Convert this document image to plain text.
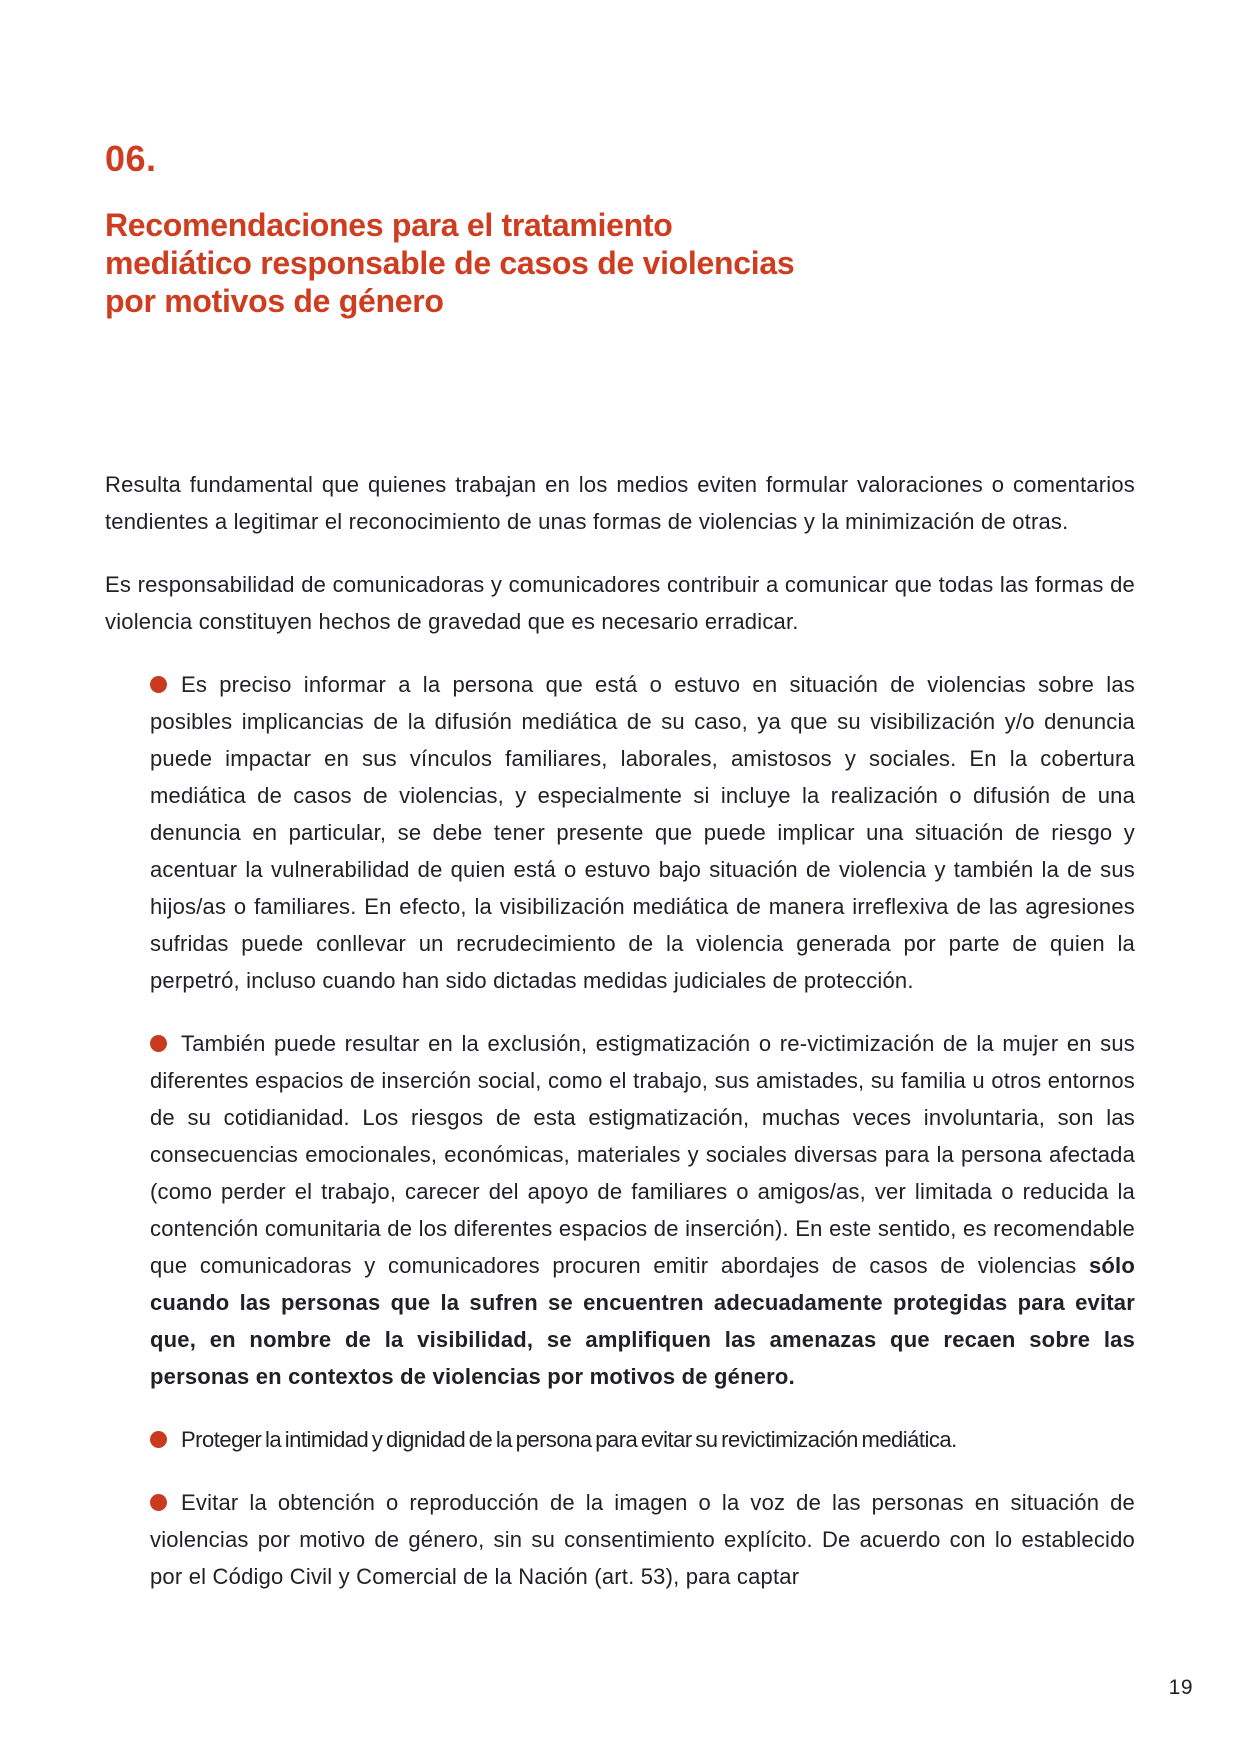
06.
Recomendaciones para el tratamiento
mediático responsable de casos de violencias
por motivos de género

Resulta fundamental que quienes trabajan en los medios eviten formular valoraciones o comentarios tendientes a legitimar el reconocimiento de unas formas de violencias y la minimización de otras.

Es responsabilidad de comunicadoras y comunicadores contribuir a comunicar que todas las formas de violencia constituyen hechos de gravedad que es necesario erradicar.

Es preciso informar a la persona que está o estuvo en situación de violencias sobre las posibles implicancias de la difusión mediática de su caso, ya que su visibilización y/o denuncia puede impactar en sus vínculos familiares, laborales, amistosos y sociales. En la cobertura mediática de casos de violencias, y especialmente si incluye la realización o difusión de una denuncia en particular, se debe tener presente que puede implicar una situación de riesgo y acentuar la vulnerabilidad de quien está o estuvo bajo situación de violencia y también la de sus hijos/as o familiares. En efecto, la visibilización mediática de manera irreflexiva de las agresiones sufridas puede conllevar un recrudecimiento de la violencia generada por parte de quien la perpetró, incluso cuando han sido dictadas medidas judiciales de protección.
También puede resultar en la exclusión, estigmatización o re-victimización de la mujer en sus diferentes espacios de inserción social, como el trabajo, sus amistades, su familia u otros entornos de su cotidianidad. Los riesgos de esta estigmatización, muchas veces involuntaria, son las consecuencias emocionales, económicas, materiales y sociales diversas para la persona afectada (como perder el trabajo, carecer del apoyo de familiares o amigos/as, ver limitada o reducida la contención comunitaria de los diferentes espacios de inserción). En este sentido, es recomendable que comunicadoras y comunicadores procuren emitir abordajes de casos de violencias sólo cuando las personas que la sufren se encuentren adecuadamente protegidas para evitar que, en nombre de la visibilidad, se amplifiquen las amenazas que recaen sobre las personas en contextos de violencias por motivos de género.
Proteger la intimidad y dignidad de la persona para evitar su revictimización mediática.
Evitar la obtención o reproducción de la imagen o la voz de las personas en situación de violencias por motivo de género, sin su consentimiento explícito. De acuerdo con lo establecido por el Código Civil y Comercial de la Nación (art. 53), para captar
19
